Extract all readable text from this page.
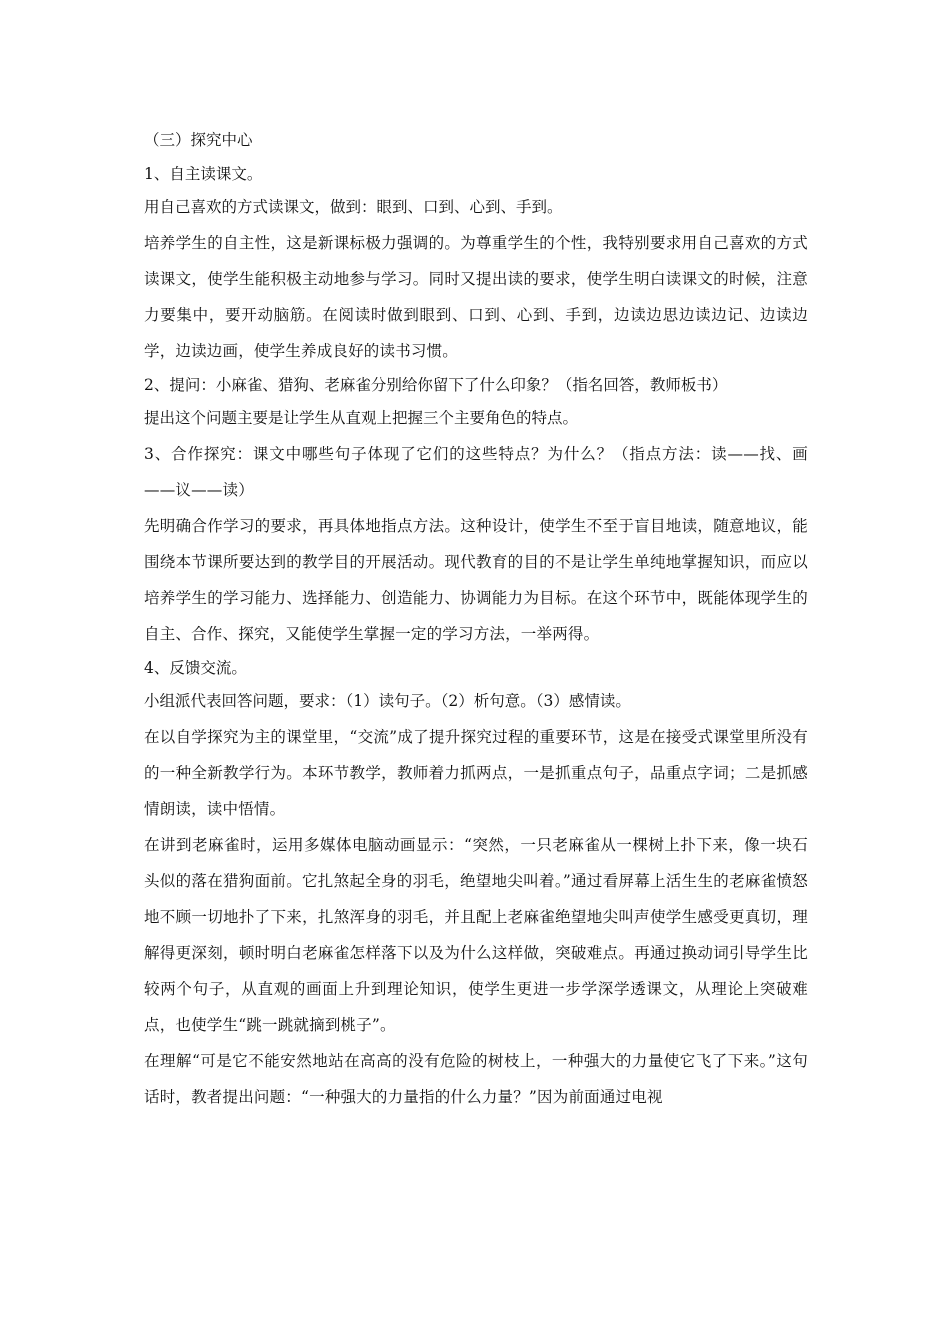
（三）探究中心

1、自主读课文。

用自己喜欢的方式读课文，做到：眼到、口到、心到、手到。

培养学生的自主性，这是新课标极力强调的。为尊重学生的个性，我特别要求用自己喜欢的方式读课文，使学生能积极主动地参与学习。同时又提出读的要求，使学生明白读课文的时候，注意力要集中，要开动脑筋。在阅读时做到眼到、口到、心到、手到，边读边思边读边记、边读边学，边读边画，使学生养成良好的读书习惯。

2、提问：小麻雀、猎狗、老麻雀分别给你留下了什么印象？（指名回答，教师板书）

提出这个问题主要是让学生从直观上把握三个主要角色的特点。

3、合作探究：课文中哪些句子体现了它们的这些特点？为什么？（指点方法：读——找、画——议——读）

先明确合作学习的要求，再具体地指点方法。这种设计，使学生不至于盲目地读，随意地议，能围绕本节课所要达到的教学目的开展活动。现代教育的目的不是让学生单纯地掌握知识，而应以培养学生的学习能力、选择能力、创造能力、协调能力为目标。在这个环节中，既能体现学生的自主、合作、探究，又能使学生掌握一定的学习方法，一举两得。

4、反馈交流。

小组派代表回答问题，要求：（1）读句子。（2）析句意。（3）感情读。

在以自学探究为主的课堂里，“交流”成了提升探究过程的重要环节，这是在接受式课堂里所没有的一种全新教学行为。本环节教学，教师着力抓两点，一是抓重点句子，品重点字词；二是抓感情朗读，读中悟情。

在讲到老麻雀时，运用多媒体电脑动画显示：“突然，一只老麻雀从一棵树上扑下来，像一块石头似的落在猎狗面前。它扎煞起全身的羽毛，绝望地尖叫着。”通过看屏幕上活生生的老麻雀愤怒地不顾一切地扑了下来，扎煞浑身的羽毛，并且配上老麻雀绝望地尖叫声使学生感受更真切，理解得更深刻，顿时明白老麻雀怎样落下以及为什么这样做，突破难点。再通过换动词引导学生比较两个句子，从直观的画面上升到理论知识，使学生更进一步学深学透课文，从理论上突破难点，也使学生“跳一跳就摘到桃子”。

在理解“可是它不能安然地站在高高的没有危险的树枝上，一种强大的力量使它飞了下来。”这句话时，教者提出问题：“一种强大的力量指的什么力量？”因为前面通过电视
